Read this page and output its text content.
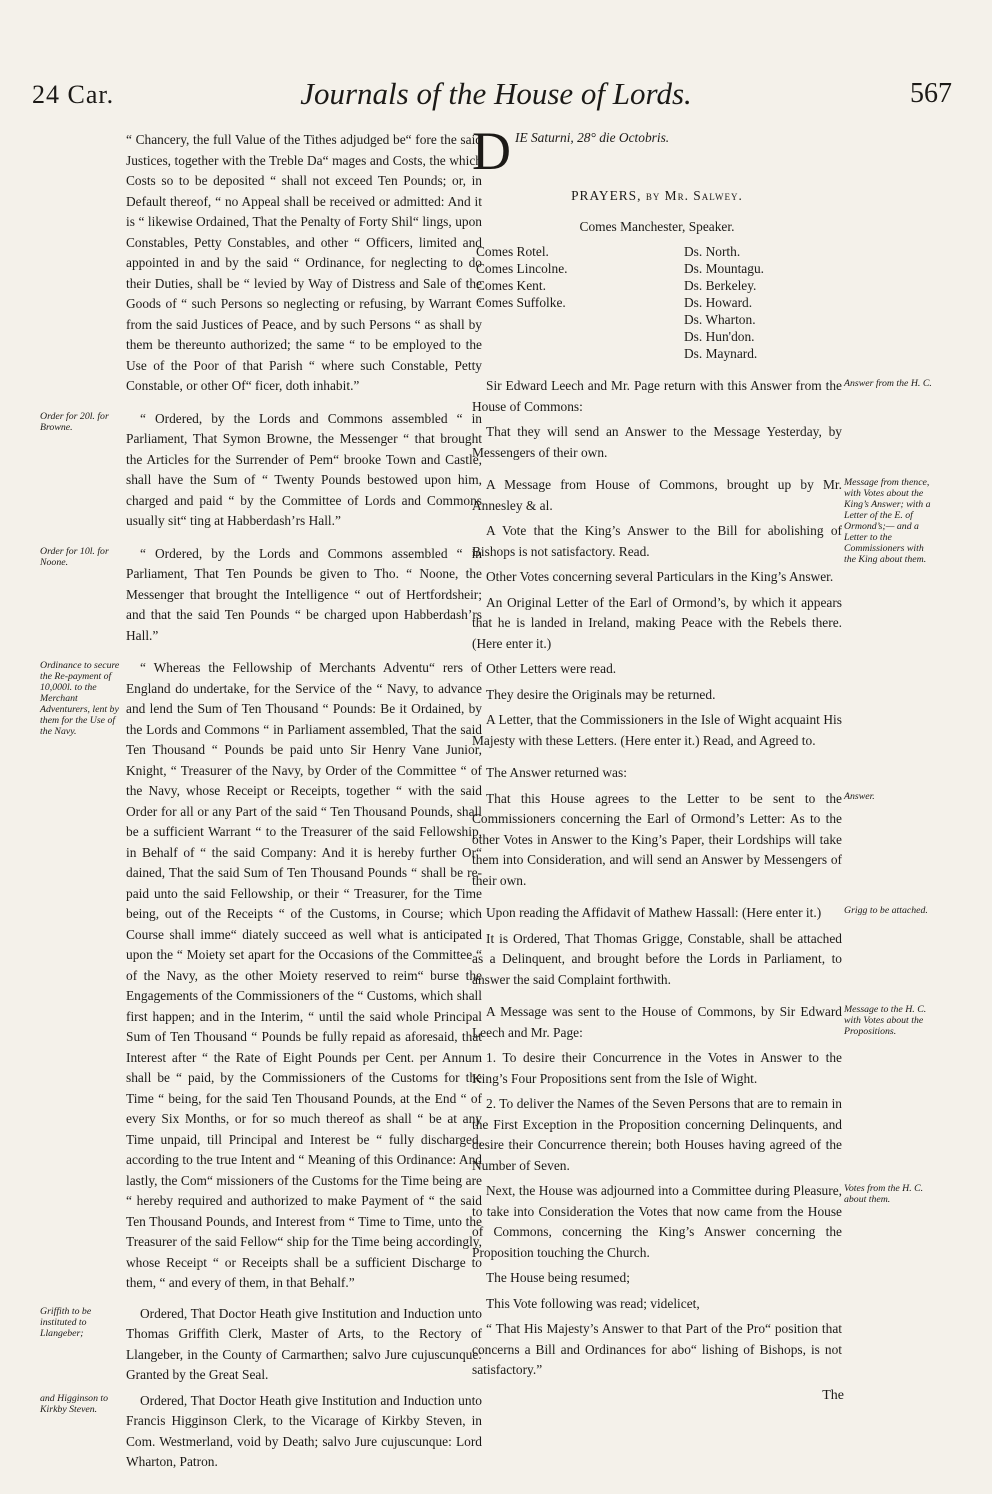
24 Car.	Journals of the House of Lords.	567
Order for 20l. for Browne.
Order for 10l. for Noone.
Ordinance to secure the Re-payment of 10,000l. to the Merchant Adventurers, lent by them for the Use of the Navy.
Griffith to be instituted to Llangeber;
and Higginson to Kirkby Steven.

“ Chancery, the full Value of the Tithes adjudged be“ fore the said Justices, together with the Treble Da“ mages and Costs, the which Costs so to be deposited “ shall not exceed Ten Pounds; or, in Default thereof, “ no Appeal shall be received or admitted: And it is “ likewise Ordained, That the Penalty of Forty Shil“ lings, upon Constables, Petty Constables, and other “ Officers, limited and appointed in and by the said “ Ordinance, for neglecting to do their Duties, shall be “ levied by Way of Distress and Sale of the Goods of “ such Persons so neglecting or refusing, by Warrant “ from the said Justices of Peace, and by such Persons “ as shall by them be thereunto authorized; the same “ to be employed to the Use of the Poor of that Parish “ where such Constable, Petty Constable, or other Of“ ficer, doth inhabit.”

“ Ordered, by the Lords and Commons assembled “ in Parliament, That Symon Browne, the Messenger “ that brought the Articles for the Surrender of Pem“ brooke Town and Castle, shall have the Sum of “ Twenty Pounds bestowed upon him, charged and paid “ by the Committee of Lords and Commons usually sit“ ting at Habberdash’rs Hall.”

“ Ordered, by the Lords and Commons assembled “ in Parliament, That Ten Pounds be given to Tho. “ Noone, the Messenger that brought the Intelligence “ out of Hertfordsheir; and that the said Ten Pounds “ be charged upon Habberdash’rs Hall.”

“ Whereas the Fellowship of Merchants Adventu“ rers of England do undertake, for the Service of the “ Navy, to advance and lend the Sum of Ten Thousand “ Pounds: Be it Ordained, by the Lords and Commons “ in Parliament assembled, That the said Ten Thousand “ Pounds be paid unto Sir Henry Vane Junior, Knight, “ Treasurer of the Navy, by Order of the Committee “ of the Navy, whose Receipt or Receipts, together “ with the said Order for all or any Part of the said “ Ten Thousand Pounds, shall be a sufficient Warrant “ to the Treasurer of the said Fellowship, in Behalf of “ the said Company: And it is hereby further Or“ dained, That the said Sum of Ten Thousand Pounds “ shall be re-paid unto the said Fellowship, or their “ Treasurer, for the Time being, out of the Receipts “ of the Customs, in Course; which Course shall imme“ diately succeed as well what is anticipated upon the “ Moiety set apart for the Occasions of the Committee “ of the Navy, as the other Moiety reserved to reim“ burse the Engagements of the Commissioners of the “ Customs, which shall first happen; and in the Interim, “ until the said whole Principal Sum of Ten Thousand “ Pounds be fully repaid as aforesaid, that Interest after “ the Rate of Eight Pounds per Cent. per Annum shall be “ paid, by the Commissioners of the Customs for the Time “ being, for the said Ten Thousand Pounds, at the End “ of every Six Months, or for so much thereof as shall “ be at any Time unpaid, till Principal and Interest be “ fully discharged, according to the true Intent and “ Meaning of this Ordinance: And lastly, the Com“ missioners of the Customs for the Time being are “ hereby required and authorized to make Payment of “ the said Ten Thousand Pounds, and Interest from “ Time to Time, unto the Treasurer of the said Fellow“ ship for the Time being accordingly, whose Receipt “ or Receipts shall be a sufficient Discharge to them, “ and every of them, in that Behalf.”

Ordered, That Doctor Heath give Institution and Induction unto Thomas Griffith Clerk, Master of Arts, to the Rectory of Llangeber, in the County of Carmarthen; salvo Jure cujuscunque: Granted by the Great Seal.

Ordered, That Doctor Heath give Institution and Induction unto Francis Higginson Clerk, to the Vicarage of Kirkby Steven, in Com. Westmerland, void by Death; salvo Jure cujuscunque: Lord Wharton, Patron.

D IE Saturni, 28° die Octobris.

PRAYERS, by Mr. Salwey.

Comes Manchester, Speaker.

Comes Rotel.
Comes Lincolne.
Comes Kent.
Comes Suffolke.
Ds. North.
Ds. Mountagu.
Ds. Berkeley.
Ds. Howard.
Ds. Wharton.
Ds. Hun'don.
Ds. Maynard.

Sir Edward Leech and Mr. Page return with this Answer from the House of Commons:

That they will send an Answer to the Message Yesterday, by Messengers of their own.

A Message from House of Commons, brought up by Mr. Annesley & al.

A Vote that the King’s Answer to the Bill for abolishing of Bishops is not satisfactory. Read.

Other Votes concerning several Particulars in the King’s Answer.

An Original Letter of the Earl of Ormond’s, by which it appears that he is landed in Ireland, making Peace with the Rebels there. (Here enter it.)

Other Letters were read.

They desire the Originals may be returned.

A Letter, that the Commissioners in the Isle of Wight acquaint His Majesty with these Letters. (Here enter it.) Read, and Agreed to.

The Answer returned was:

That this House agrees to the Letter to be sent to the Commissioners concerning the Earl of Ormond’s Letter: As to the other Votes in Answer to the King’s Paper, their Lordships will take them into Consideration, and will send an Answer by Messengers of their own.

Upon reading the Affidavit of Mathew Hassall: (Here enter it.)

It is Ordered, That Thomas Grigge, Constable, shall be attached as a Delinquent, and brought before the Lords in Parliament, to answer the said Complaint forthwith.

A Message was sent to the House of Commons, by Sir Edward Leech and Mr. Page:

1. To desire their Concurrence in the Votes in Answer to the King’s Four Propositions sent from the Isle of Wight.

2. To deliver the Names of the Seven Persons that are to remain in the First Exception in the Proposition concerning Delinquents, and desire their Concurrence therein; both Houses having agreed of the Number of Seven.

Next, the House was adjourned into a Committee during Pleasure, to take into Consideration the Votes that now came from the House of Commons, concerning the King’s Answer concerning the Proposition touching the Church.

The House being resumed;

This Vote following was read; videlicet,

“ That His Majesty’s Answer to that Part of the Pro“ position that concerns a Bill and Ordinances for abo“ lishing of Bishops, is not satisfactory.”

Answer from the H. C.
Message from thence, with Votes about the King’s Answer; with a Letter of the E. of Ormond’s;— and a Letter to the Commissioners with the King about them.
Answer.
Grigg to be attached.
Message to the H. C. with Votes about the Propositions.
Votes from the H. C. about them.
The
